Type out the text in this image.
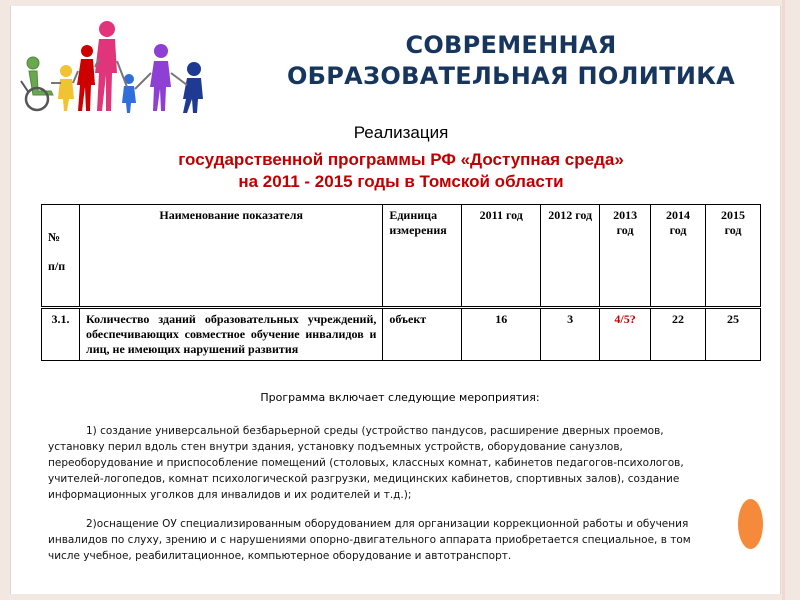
СОВРЕМЕННАЯ
ОБРАЗОВАТЕЛЬНАЯ ПОЛИТИКА
Реализация
государственной программы РФ «Доступная среда»
на 2011 - 2015 годы в Томской области
№
п/п	Наименование показателя	Единица измерения	2011 год	2012 год	2013 год	2014 год	2015 год
3.1.	Количество зданий образовательных учреждений, обеспечивающих совместное обучение инвалидов и лиц, не имеющих нарушений развития	объект	16	3	4/5?	22	25
Программа включает следующие мероприятия:
1) создание универсальной безбарьерной среды (устройство пандусов, расширение дверных проемов, установку перил вдоль стен внутри здания, установку подъемных устройств, оборудование санузлов, переоборудование и приспособление помещений (столовых, классных комнат, кабинетов педагогов-психологов, учителей-логопедов, комнат психологической разгрузки, медицинских кабинетов, спортивных залов), создание информационных уголков для инвалидов и их родителей и т.д.);
2)оснащение ОУ специализированным оборудованием для организации коррекционной работы и обучения инвалидов по слуху, зрению и с нарушениями опорно-двигательного аппарата приобретается специальное, в том числе учебное, реабилитационное, компьютерное оборудование и автотранспорт.
